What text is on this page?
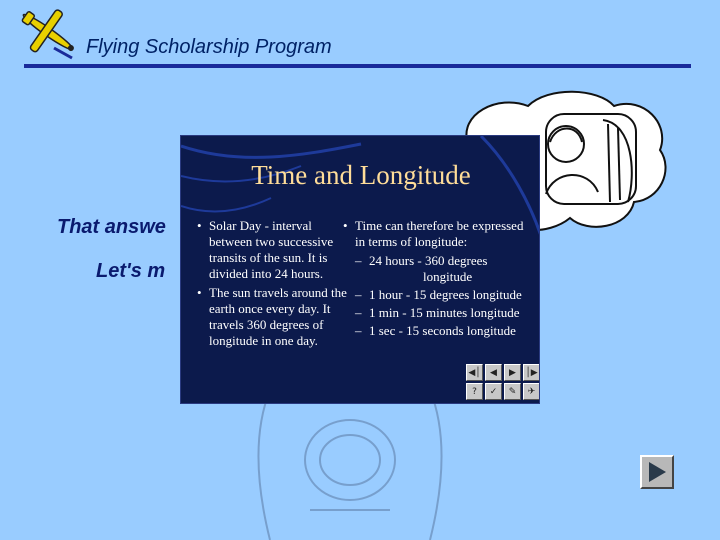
Flying Scholarship Program
That answe
Let's m
Time and Longitude
• Solar Day - interval between two successive transits of the sun. It is divided into 24 hours.
• The sun travels around the earth once every day. It travels 360 degrees of longitude in one day.
• Time can therefore be expressed in terms of longitude:
– 24 hours - 360 degrees
longitude
– 1 hour - 15 degrees longitude
– 1 min - 15 minutes longitude
– 1 sec - 15 seconds longitude
◀│	◀	▶	│▶
?	✓	✎	✈
